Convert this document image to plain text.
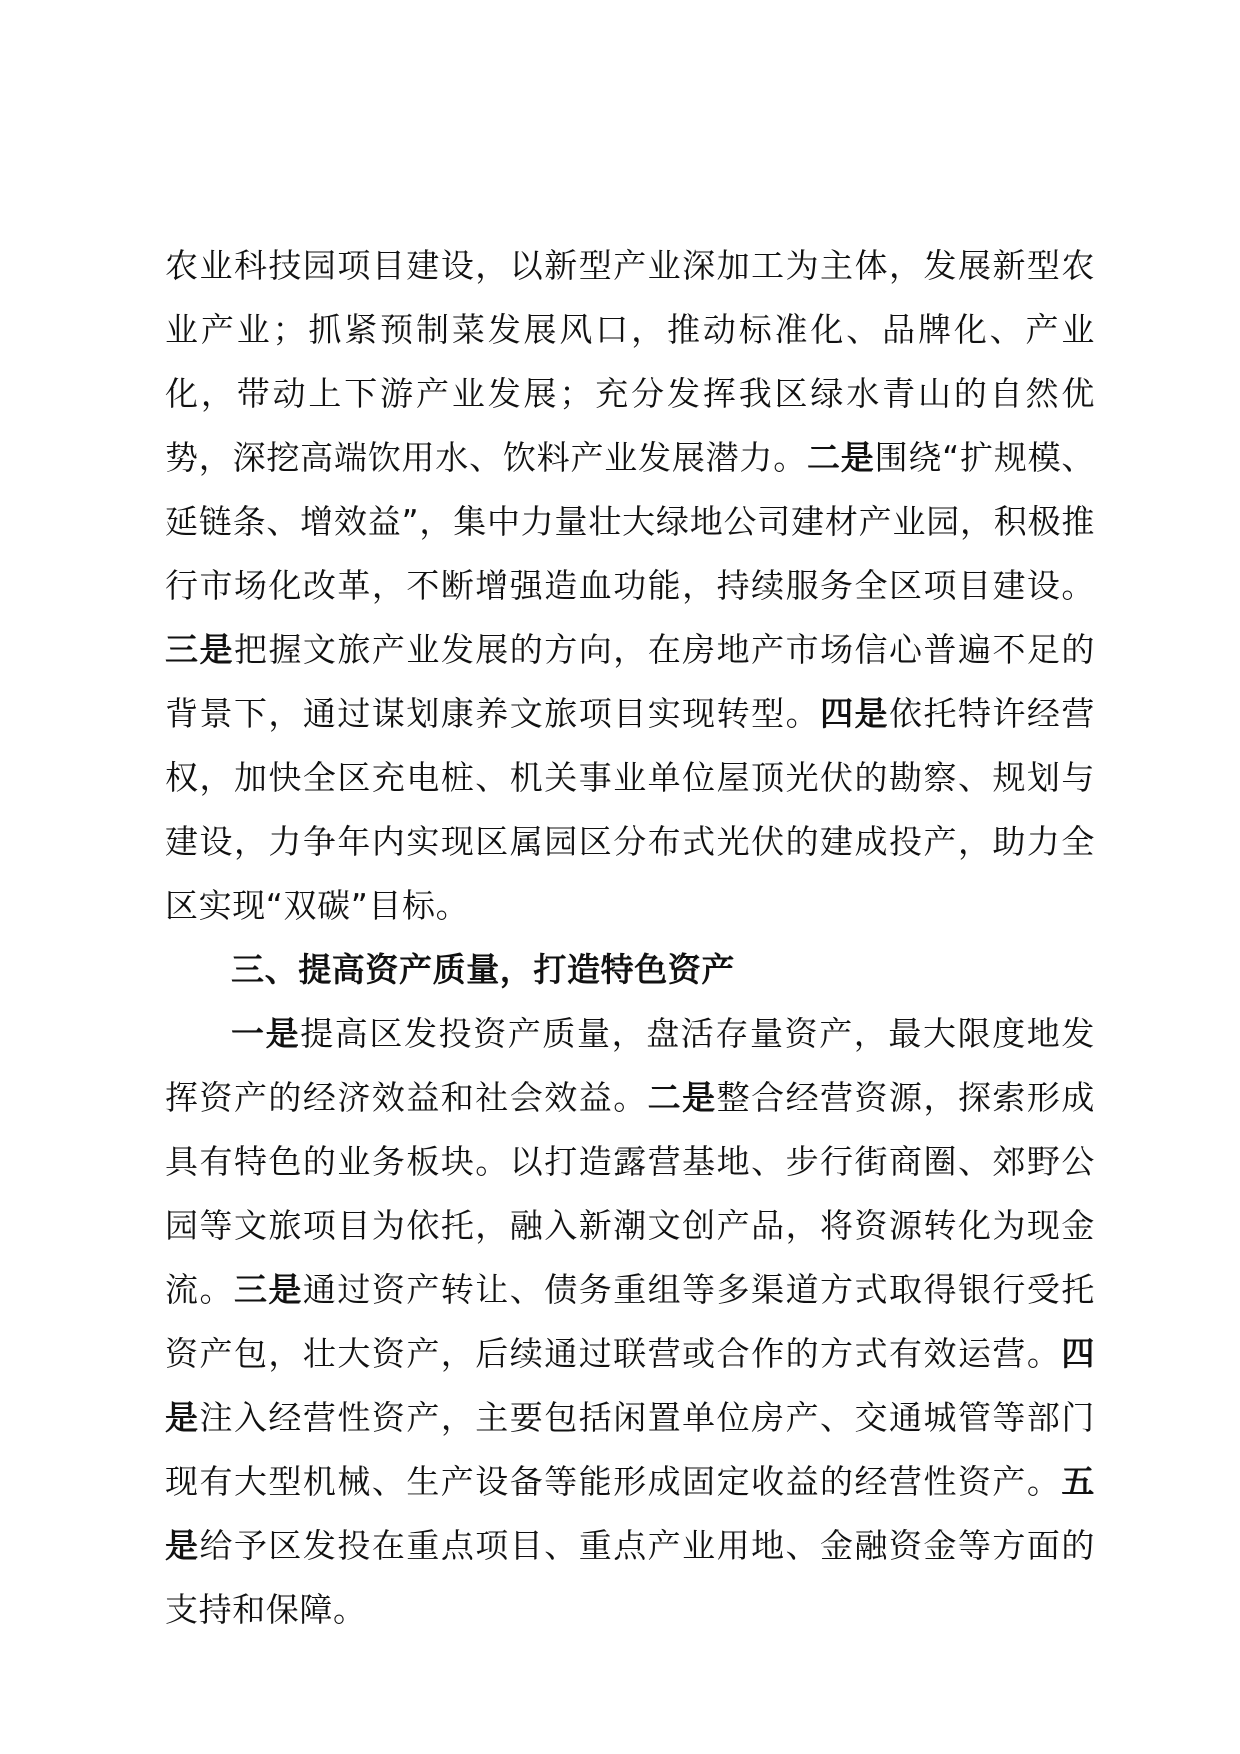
农业科技园项目建设，以新型产业深加工为主体，发展新型农业产业；抓紧预制菜发展风口，推动标准化、品牌化、产业化，带动上下游产业发展；充分发挥我区绿水青山的自然优势，深挖高端饮用水、饮料产业发展潜力。二是围绕“扩规模、延链条、增效益”，集中力量壮大绿地公司建材产业园，积极推行市场化改革，不断增强造血功能，持续服务全区项目建设。三是把握文旅产业发展的方向，在房地产市场信心普遍不足的背景下，通过谋划康养文旅项目实现转型。四是依托特许经营权，加快全区充电桩、机关事业单位屋顶光伏的勘察、规划与建设，力争年内实现区属园区分布式光伏的建成投产，助力全区实现“双碳”目标。

三、提高资产质量，打造特色资产

一是提高区发投资产质量，盘活存量资产，最大限度地发挥资产的经济效益和社会效益。二是整合经营资源，探索形成具有特色的业务板块。以打造露营基地、步行街商圈、郊野公园等文旅项目为依托，融入新潮文创产品，将资源转化为现金流。三是通过资产转让、债务重组等多渠道方式取得银行受托资产包，壮大资产，后续通过联营或合作的方式有效运营。四是注入经营性资产，主要包括闲置单位房产、交通城管等部门现有大型机械、生产设备等能形成固定收益的经营性资产。五是给予区发投在重点项目、重点产业用地、金融资金等方面的支持和保障。
